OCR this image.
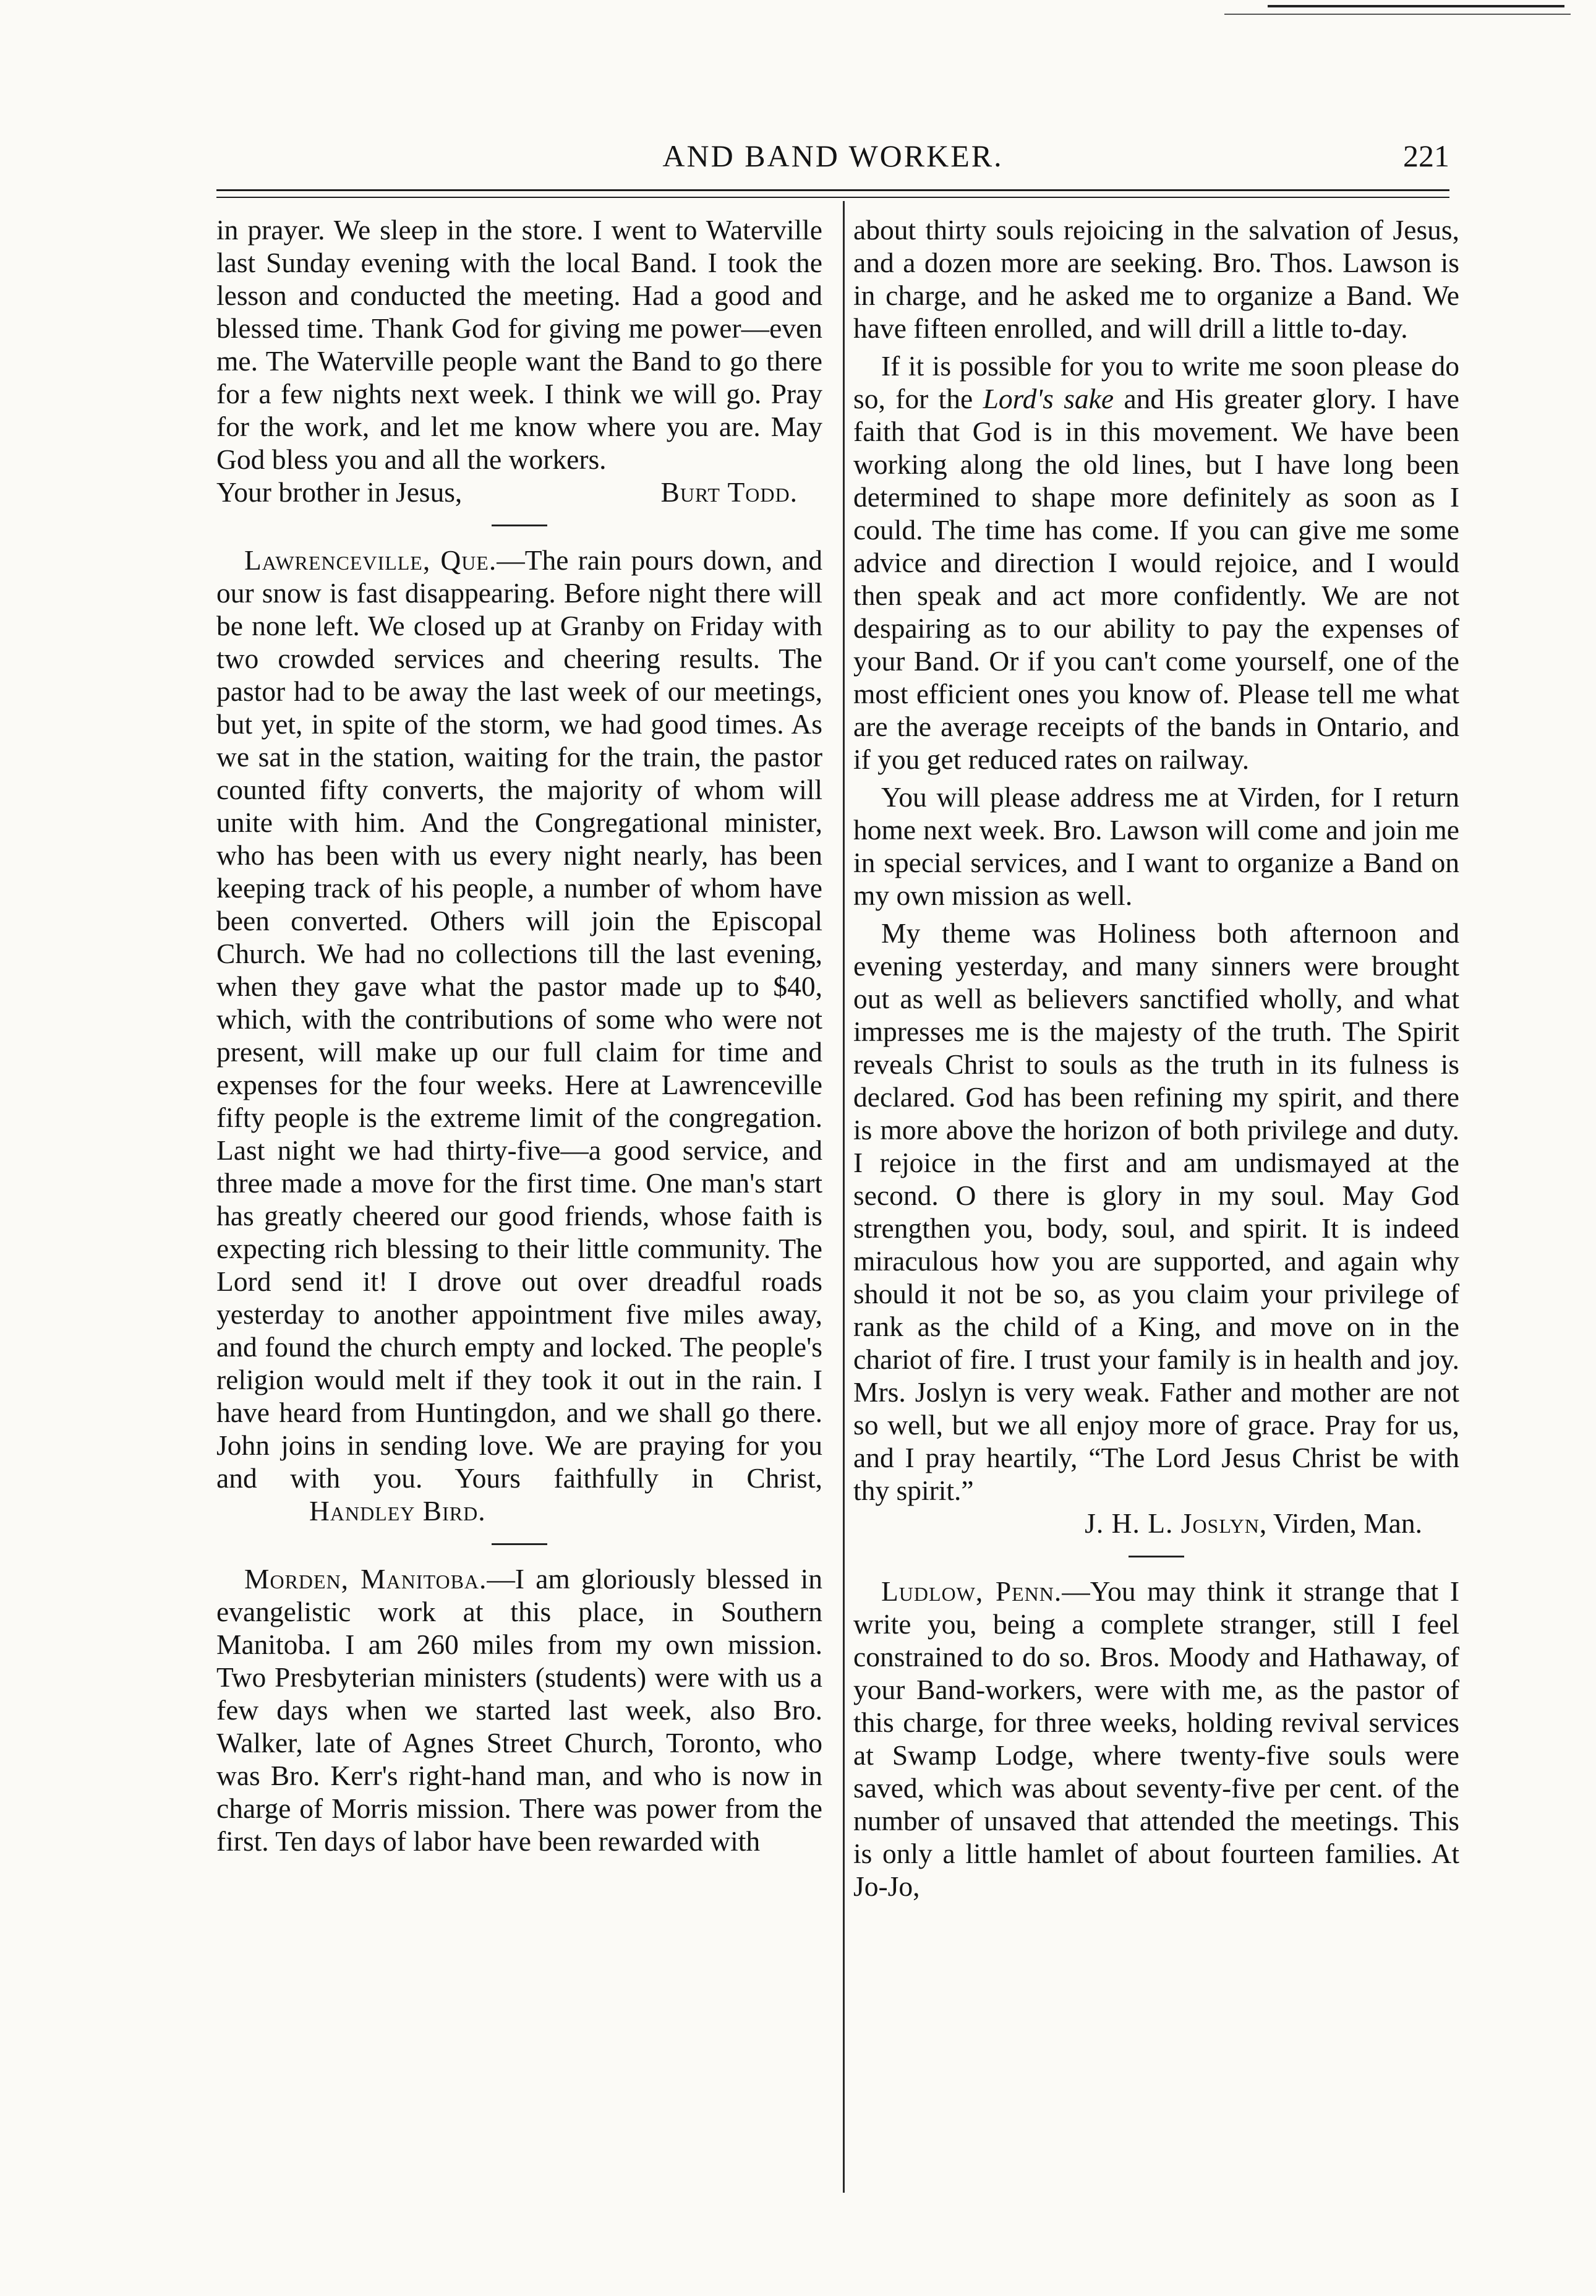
AND BAND WORKER.	221

in prayer. We sleep in the store. I went to Waterville last Sunday evening with the local Band. I took the lesson and conducted the meeting. Had a good and blessed time. Thank God for giving me power—even me. The Waterville people want the Band to go there for a few nights next week. I think we will go. Pray for the work, and let me know where you are. May God bless you and all the workers.

Your brother in Jesus,	Burt Todd.

Lawrenceville, Que.—The rain pours down, and our snow is fast disappearing. Before night there will be none left. We closed up at Granby on Friday with two crowded services and cheering results. The pastor had to be away the last week of our meetings, but yet, in spite of the storm, we had good times. As we sat in the station, waiting for the train, the pastor counted fifty converts, the majority of whom will unite with him. And the Congregational minister, who has been with us every night nearly, has been keeping track of his people, a number of whom have been converted. Others will join the Episcopal Church. We had no collections till the last evening, when they gave what the pastor made up to $40, which, with the contributions of some who were not present, will make up our full claim for time and expenses for the four weeks. Here at Lawrenceville fifty people is the extreme limit of the congregation. Last night we had thirty-five—a good service, and three made a move for the first time. One man's start has greatly cheered our good friends, whose faith is expecting rich blessing to their little community. The Lord send it! I drove out over dreadful roads yesterday to another appointment five miles away, and found the church empty and locked. The people's religion would melt if they took it out in the rain. I have heard from Huntingdon, and we shall go there. John joins in sending love. We are praying for you and with you. Yours faithfully in Christ, Handley Bird.

Morden, Manitoba.—I am gloriously blessed in evangelistic work at this place, in Southern Manitoba. I am 260 miles from my own mission. Two Presbyterian ministers (students) were with us a few days when we started last week, also Bro. Walker, late of Agnes Street Church, Toronto, who was Bro. Kerr's right-hand man, and who is now in charge of Morris mission. There was power from the first. Ten days of labor have been rewarded with

about thirty souls rejoicing in the salvation of Jesus, and a dozen more are seeking. Bro. Thos. Lawson is in charge, and he asked me to organize a Band. We have fifteen enrolled, and will drill a little to-day.

If it is possible for you to write me soon please do so, for the Lord's sake and His greater glory. I have faith that God is in this movement. We have been working along the old lines, but I have long been determined to shape more definitely as soon as I could. The time has come. If you can give me some advice and direction I would rejoice, and I would then speak and act more confidently. We are not despairing as to our ability to pay the expenses of your Band. Or if you can't come yourself, one of the most efficient ones you know of. Please tell me what are the average receipts of the bands in Ontario, and if you get reduced rates on railway.

You will please address me at Virden, for I return home next week. Bro. Lawson will come and join me in special services, and I want to organize a Band on my own mission as well.

My theme was Holiness both afternoon and evening yesterday, and many sinners were brought out as well as believers sanctified wholly, and what impresses me is the majesty of the truth. The Spirit reveals Christ to souls as the truth in its fulness is declared. God has been refining my spirit, and there is more above the horizon of both privilege and duty. I rejoice in the first and am undismayed at the second. O there is glory in my soul. May God strengthen you, body, soul, and spirit. It is indeed miraculous how you are supported, and again why should it not be so, as you claim your privilege of rank as the child of a King, and move on in the chariot of fire. I trust your family is in health and joy. Mrs. Joslyn is very weak. Father and mother are not so well, but we all enjoy more of grace. Pray for us, and I pray heartily, “The Lord Jesus Christ be with thy spirit.”

J. H. L. Joslyn, Virden, Man.

Ludlow, Penn.—You may think it strange that I write you, being a complete stranger, still I feel constrained to do so. Bros. Moody and Hathaway, of your Band-workers, were with me, as the pastor of this charge, for three weeks, holding revival services at Swamp Lodge, where twenty-five souls were saved, which was about seventy-five per cent. of the number of unsaved that attended the meetings. This is only a little hamlet of about fourteen families. At Jo-Jo,
